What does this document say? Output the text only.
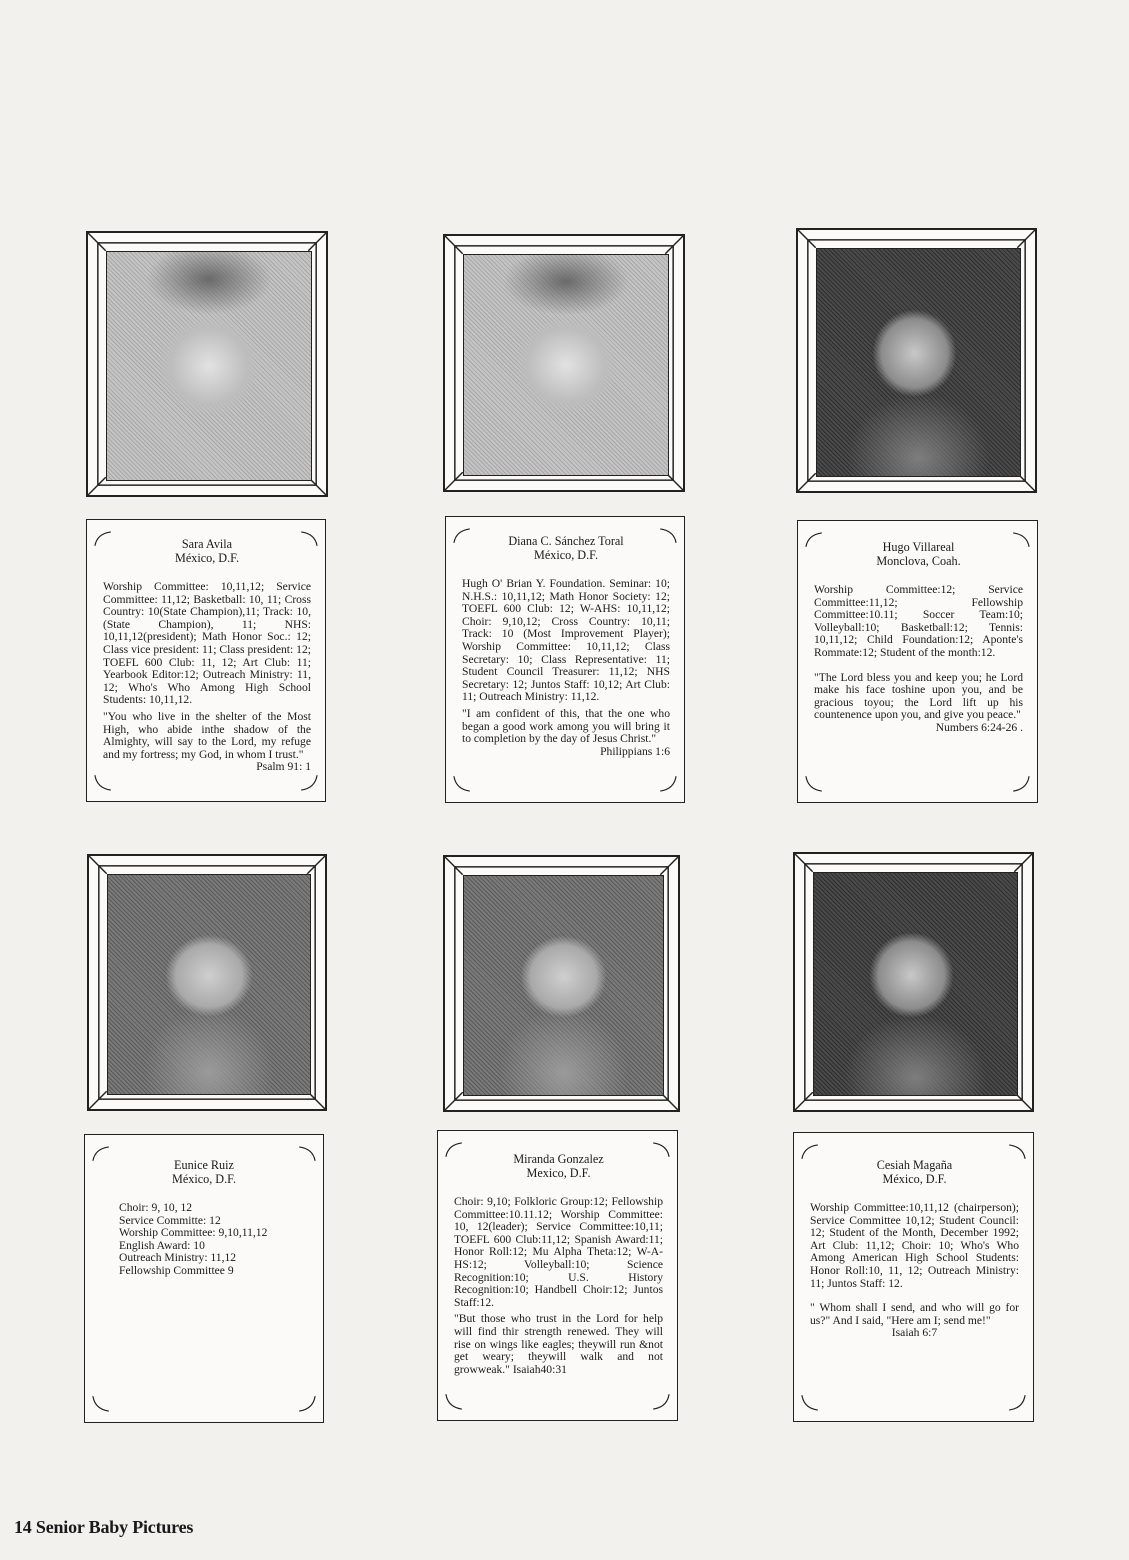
Sara Avila
México, D.F.
Worship Committee: 10,11,12; Service Committee: 11,12; Basketball: 10, 11; Cross Country: 10(State Champion),11; Track: 10, (State Champion), 11; NHS: 10,11,12(president); Math Honor Soc.: 12; Class vice president: 11; Class president: 12; TOEFL 600 Club: 11, 12; Art Club: 11; Yearbook Editor:12; Outreach Ministry: 11, 12; Who's Who Among High School Students: 10,11,12.
"You who live in the shelter of the Most High, who abide inthe shadow of the Almighty, will say to the Lord, my refuge and my fortress; my God, in whom I trust."
Psalm 91: 1
Diana C. Sánchez Toral
México, D.F.
Hugh O' Brian Y. Foundation. Seminar: 10; N.H.S.: 10,11,12; Math Honor Society: 12; TOEFL 600 Club: 12; W-AHS: 10,11,12; Choir: 9,10,12; Cross Country: 10,11; Track: 10 (Most Improvement Player); Worship Committee: 10,11,12; Class Secretary: 10; Class Representative: 11; Student Council Treasurer: 11,12; NHS Secretary: 12; Juntos Staff: 10,12; Art Club: 11; Outreach Ministry: 11,12.
"I am confident of this, that the one who began a good work among you will bring it to completion by the day of Jesus Christ."
Philippians 1:6
Hugo Villareal
Monclova, Coah.
Worship Committee:12; Service Committee:11,12; Fellowship Committee:10.11; Soccer Team:10; Volleyball:10; Basketball:12; Tennis: 10,11,12; Child Foundation:12; Aponte's Rommate:12; Student of the month:12.
"The Lord bless you and keep you; he Lord make his face toshine upon you, and be gracious toyou; the Lord lift up his countenence upon you, and give you peace."
Numbers 6:24-26 .
Eunice Ruiz
México, D.F.
Choir: 9, 10, 12
Service Committe: 12
Worship Committee: 9,10,11,12
English Award: 10
Outreach Ministry: 11,12
Fellowship Committee 9
Miranda Gonzalez
Mexico, D.F.
Choir: 9,10; Folkloric Group:12; Fellowship Committee:10.11.12; Worship Committee: 10, 12(leader); Service Committee:10,11; TOEFL 600 Club:11,12; Spanish Award:11; Honor Roll:12; Mu Alpha Theta:12; W-A-HS:12; Volleyball:10; Science Recognition:10; U.S. History Recognition:10; Handbell Choir:12; Juntos Staff:12.
"But those who trust in the Lord for help will find thir strength renewed. They will rise on wings like eagles; theywill run &not get weary; theywill walk and not growweak." Isaiah40:31
Cesiah Magaña
México, D.F.
Worship Committee:10,11,12 (chairperson); Service Committee 10,12; Student Council: 12; Student of the Month, December 1992; Art Club: 11,12; Choir: 10; Who's Who Among American High School Students: Honor Roll:10, 11, 12; Outreach Ministry: 11; Juntos Staff: 12.
" Whom shall I send, and who will go for us?" And I said, "Here am I; send me!"
Isaiah 6:7
14 Senior Baby Pictures
